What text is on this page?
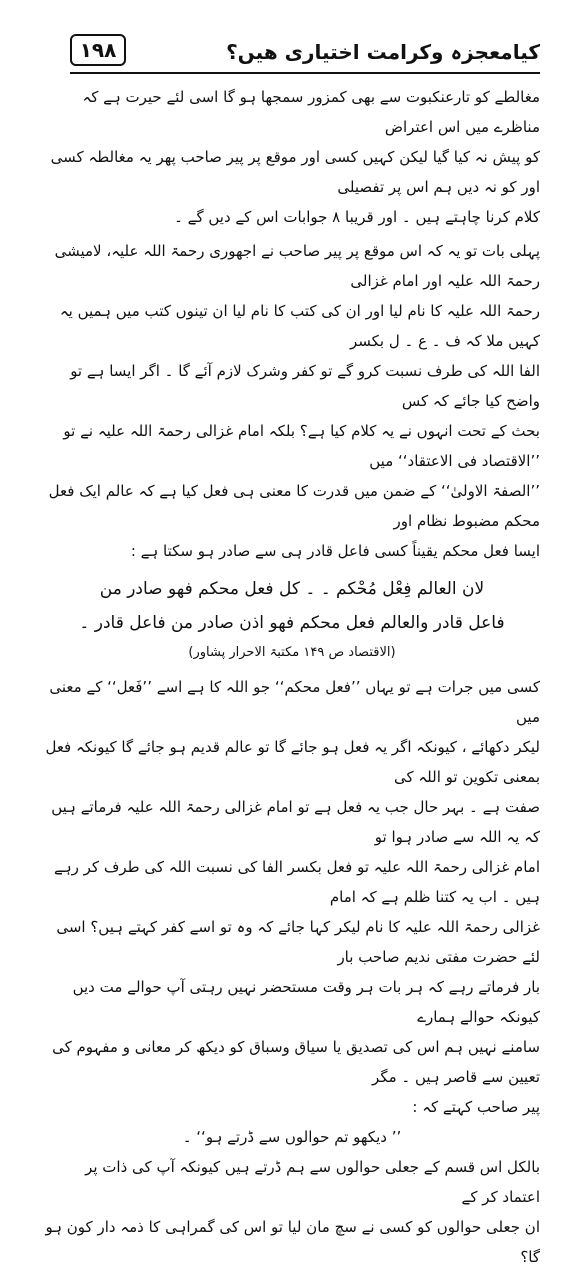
کیامعجزہ وکرامت اختیاری ھیں؟
۱۹۸

مغالطے کو تارعنکبوت سے بھی کمزور سمجھا ہو گا اسی لئے حیرت ہے کہ مناظرے میں اس اعتراض
کو پیش نہ کیا گیا لیکن کہیں کسی اور موقع پر پیر صاحب پھر یہ مغالطہ کسی اور کو نہ دیں ہم اس پر تفصیلی
کلام کرنا چاہتے ہیں ۔ اور قریبا ۸ جوابات اس کے دیں گے ۔

پہلی بات تو یہ کہ اس موقع پر پیر صاحب نے اجھوری رحمۃ اللہ علیہ، لامیشی رحمۃ اللہ علیہ اور امام غزالی
رحمۃ اللہ علیہ کا نام لیا اور ان کی کتب کا نام لیا ان تینوں کتب میں ہمیں یہ کہیں ملا کہ ف ۔ ع ۔ ل بکسر
الفا اللہ کی طرف نسبت کرو گے تو کفر وشرک لازم آئے گا ۔ اگر ایسا ہے تو واضح کیا جائے کہ کس
بحث کے تحت انہوں نے یہ کلام کیا ہے؟ بلکہ امام غزالی رحمۃ اللہ علیہ نے تو ’’الاقتصاد فی الاعتقاد‘‘ میں
’’الصفۃ الاولیٰ‘‘ کے ضمن میں قدرت کا معنی ہی فعل کیا ہے کہ عالم ایک فعل محکم مضبوط نظام اور
ایسا فعل محکم یقیناً کسی فاعل قادر ہی سے صادر ہو سکتا ہے :

لان العالم فِعْل مُحْکم ۔ ۔ کل فعل محکم فهو صادر من
فاعل قادر والعالم فعل محکم فهو اذن صادر من فاعل قادر ۔

(الاقتصاد ص ۱۴۹ مکتبۃ الاحرار پشاور)

کسی میں جرات ہے تو یہاں ’’فعل محکم‘‘ جو اللہ کا ہے اسے ’’فَعل‘‘ کے معنی میں
لیکر دکھائے ، کیونکہ اگر یہ فعل ہو جائے گا تو عالم قدیم ہو جائے گا کیونکہ فعل بمعنی تکوین تو اللہ کی
صفت ہے ۔ بہر حال جب یہ فعل ہے تو امام غزالی رحمۃ اللہ علیہ فرماتے ہیں کہ یہ اللہ سے صادر ہوا تو
امام غزالی رحمۃ اللہ علیہ تو فعل بکسر الفا کی نسبت اللہ کی طرف کر رہے ہیں ۔ اب یہ کتنا ظلم ہے کہ امام
غزالی رحمۃ اللہ علیہ کا نام لیکر کہا جائے کہ وہ تو اسے کفر کہتے ہیں؟ اسی لئے حضرت مفتی ندیم صاحب بار
بار فرماتے رہے کہ ہر بات ہر وقت مستحضر نہیں رہتی آپ حوالے مت دیں کیونکہ حوالے ہمارے
سامنے نہیں ہم اس کی تصدیق یا سیاق وسباق کو دیکھ کر معانی و مفہوم کی تعیین سے قاصر ہیں ۔ مگر
پیر صاحب کہتے کہ :

’’ دیکھو تم حوالوں سے ڈرتے ہو‘‘ ۔

بالکل اس قسم کے جعلی حوالوں سے ہم ڈرتے ہیں کیونکہ آپ کی ذات پر اعتماد کر کے
ان جعلی حوالوں کو کسی نے سچ مان لیا تو اس کی گمراہی کا ذمہ دار کون ہو گا؟
